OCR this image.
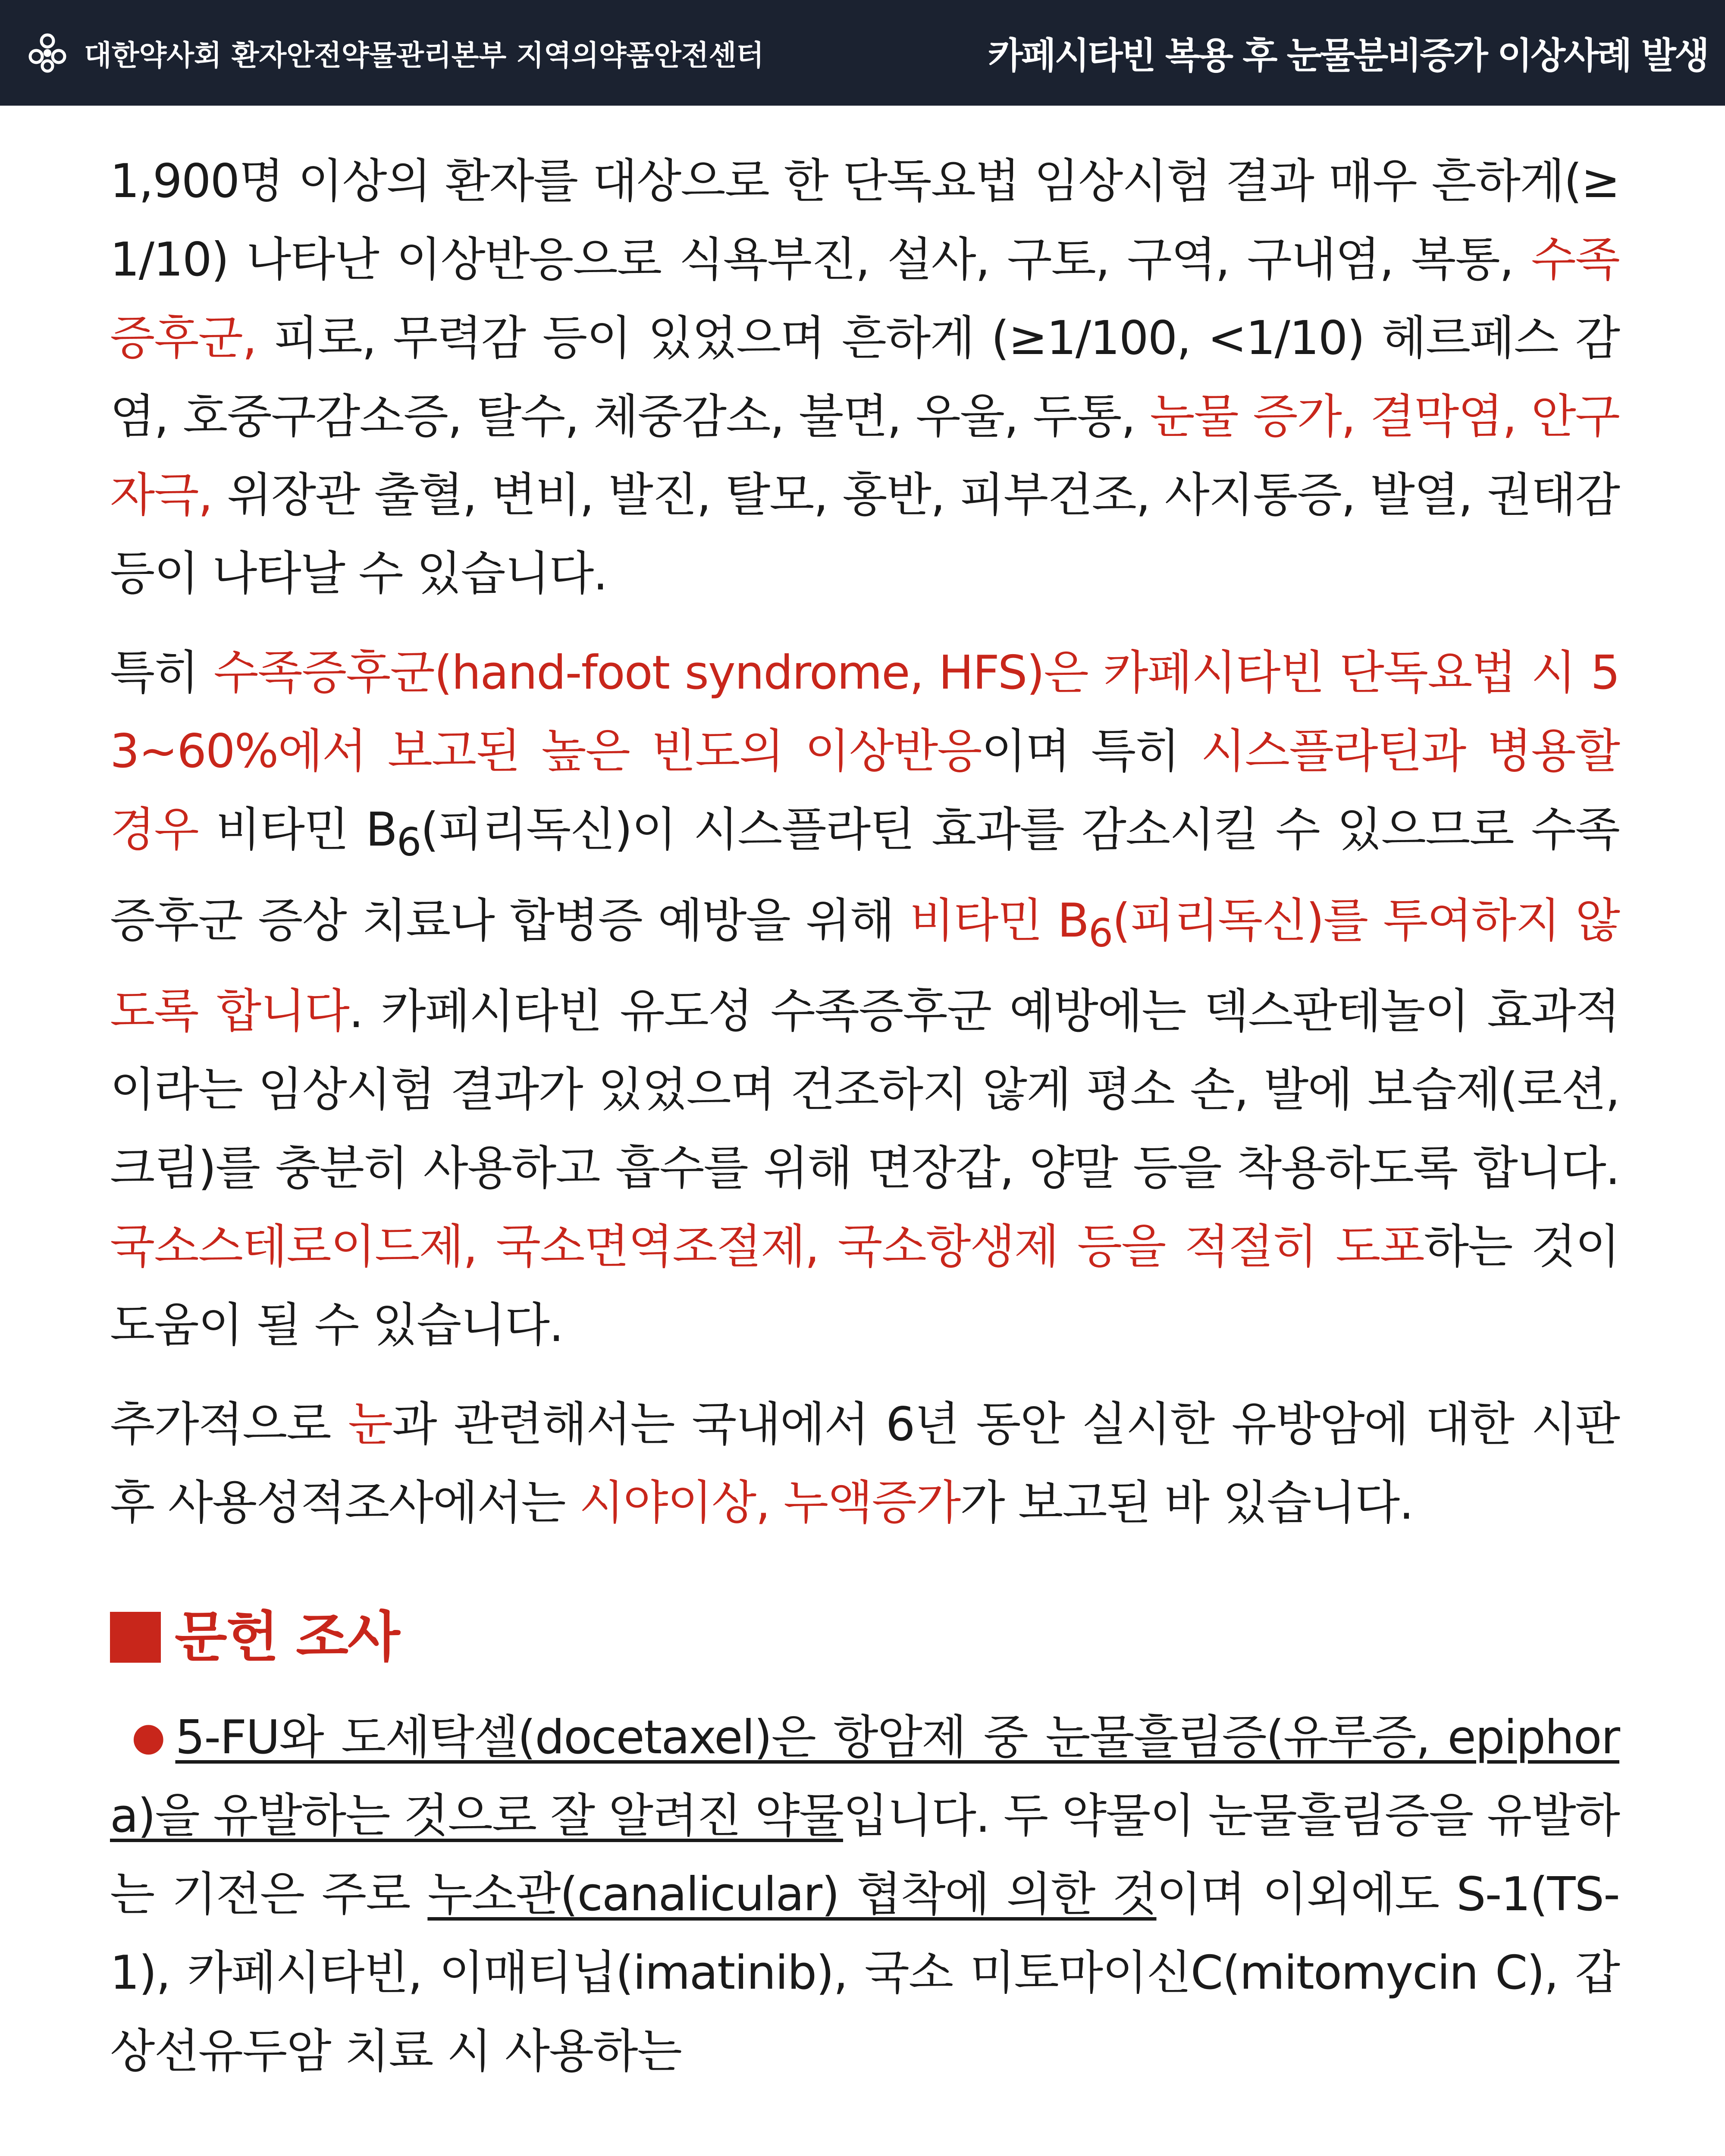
대한약사회 환자안전약물관리본부 지역의약품안전센터	카페시타빈 복용 후 눈물분비증가 이상사례 발생

1,900명 이상의 환자를 대상으로 한 단독요법 임상시험 결과 매우 흔하게(≥1/10) 나타난 이상반응으로 식욕부진, 설사, 구토, 구역, 구내염, 복통, 수족증후군, 피로, 무력감 등이 있었으며 흔하게 (≥1/100, <1/10) 헤르페스 감염, 호중구감소증, 탈수, 체중감소, 불면, 우울, 두통, 눈물 증가, 결막염, 안구자극, 위장관 출혈, 변비, 발진, 탈모, 홍반, 피부건조, 사지통증, 발열, 권태감 등이 나타날 수 있습니다.

특히 수족증후군(hand-foot syndrome, HFS)은 카페시타빈 단독요법 시 53~60%에서 보고된 높은 빈도의 이상반응이며 특히 시스플라틴과 병용할 경우 비타민 $B_6$(피리독신)이 시스플라틴 효과를 감소시킬 수 있으므로 수족증후군 증상 치료나 합병증 예방을 위해 비타민 $B_6$(피리독신)를 투여하지 않도록 합니다. 카페시타빈 유도성 수족증후군 예방에는 덱스판테놀이 효과적이라는 임상시험 결과가 있었으며 건조하지 않게 평소 손, 발에 보습제(로션, 크림)를 충분히 사용하고 흡수를 위해 면장갑, 양말 등을 착용하도록 합니다. 국소스테로이드제, 국소면역조절제, 국소항생제 등을 적절히 도포하는 것이 도움이 될 수 있습니다.

추가적으로 눈과 관련해서는 국내에서 6년 동안 실시한 유방암에 대한 시판 후 사용성적조사에서는 시야이상, 누액증가가 보고된 바 있습니다.

문헌 조사

● 5-FU와 도세탁셀(docetaxel)은 항암제 중 눈물흘림증(유루증, epiphora)을 유발하는 것으로 잘 알려진 약물입니다. 두 약물이 눈물흘림증을 유발하는 기전은 주로 누소관(canalicular) 협착에 의한 것이며 이외에도 S-1(TS-1), 카페시타빈, 이매티닙(imatinib), 국소 미토마이신C(mitomycin C), 갑상선유두암 치료 시 사용하는
